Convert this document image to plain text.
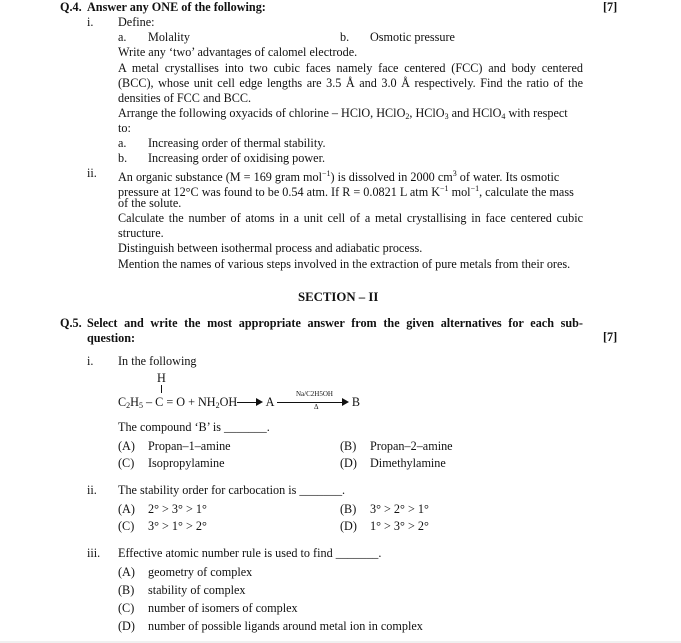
Q.4. Answer any ONE of the following:	[7]
i. Define:
a. Molality	b. Osmotic pressure
Write any ‘two’ advantages of calomel electrode.
A metal crystallises into two cubic faces namely face centered (FCC) and body centered (BCC), whose unit cell edge lengths are 3.5 Å and 3.0 Å respectively. Find the ratio of the densities of FCC and BCC.
Arrange the following oxyacids of chlorine – HClO, HClO$_2$, HClO$_3$ and HClO$_4$ with respect
to:
a. Increasing order of thermal stability.
b. Increasing order of oxidising power.
ii. An organic substance (M = 169 gram mol$^{-1}$) is dissolved in 2000 $cm^3$ of water. Its osmotic
pressure at 12°C was found to be 0.54 atm. If R = 0.0821 L atm $K^{-1}$ mol$^{-1}$, calculate the mass
of the solute.
Calculate the number of atoms in a unit cell of a metal crystallising in face centered cubic structure.
Distinguish between isothermal process and adiabatic process.
Mention the names of various steps involved in the extraction of pure metals from their ores.
SECTION – II
Q.5. Select and write the most appropriate answer from the given alternatives for each sub-question:	[7]
i. In the following
H
$C_2H_5 - C = O + NH_2OH$
A	B
Na/C2H5OH
Δ
The compound ‘B’ is _______.
(A) Propan–1–amine	(B) Propan–2–amine
(C) Isopropylamine	(D) Dimethylamine
ii. The stability order for carbocation is _______.
(A) 2° > 3° > 1°	(B) 3° > 2° > 1°
(C) 3° > 1° > 2°	(D) 1° > 3° > 2°
iii. Effective atomic number rule is used to find _______.
(A) geometry of complex
(B) stability of complex
(C) number of isomers of complex
(D) number of possible ligands around metal ion in complex
